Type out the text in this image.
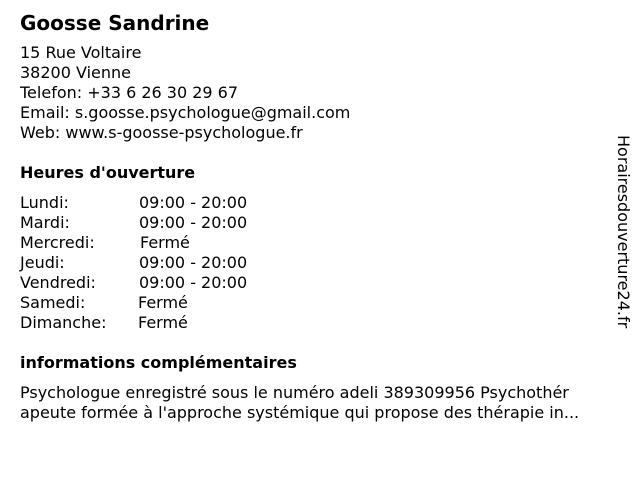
Goosse Sandrine
15 Rue Voltaire
38200 Vienne
Telefon: +33 6 26 30 29 67
Email: s.goosse.psychologue@gmail.com
Web: www.s-goosse-psychologue.fr
Heures d'ouverture
Lundi:	09:00 - 20:00
Mardi:	09:00 - 20:00
Mercredi:	Fermé
Jeudi:	09:00 - 20:00
Vendredi:	09:00 - 20:00
Samedi:	Fermé
Dimanche: Fermé
informations complémentaires
Psychologue enregistré sous le numéro adeli 389309956 Psychothér
apeute formée à l'approche systémique qui propose des thérapie in...
Horairesdouverture24.fr
